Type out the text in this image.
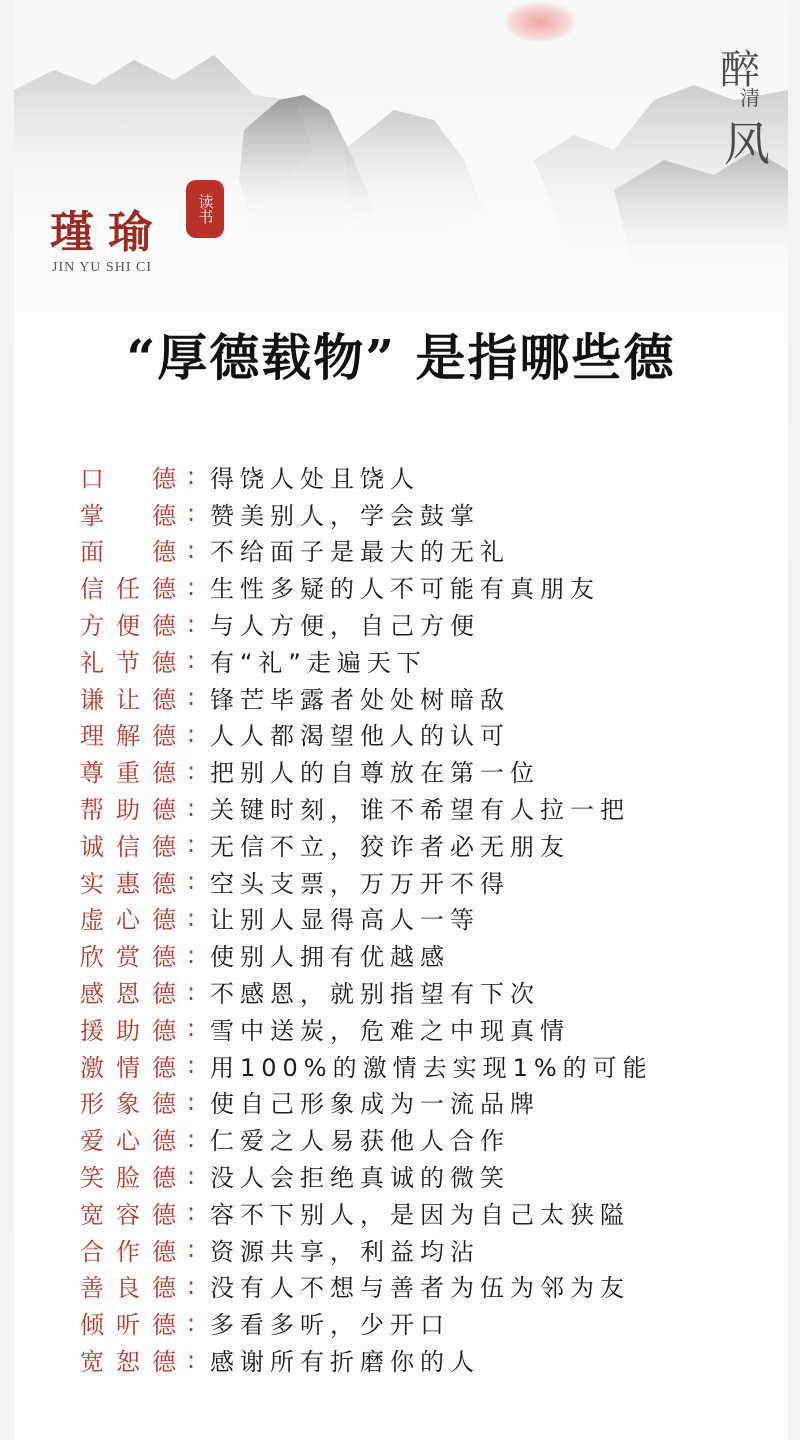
瑾瑜	读书
JIN YU SHI CI
醉
清
风
“厚德载物” 是指哪些德
口 德 : 得饶人处且饶人
掌 德 : 赞美别人，学会鼓掌
面 德 : 不给面子是最大的无礼
信 任 德 : 生性多疑的人不可能有真朋友
方 便 德 : 与人方便，自己方便
礼 节 德 : 有“礼”走遍天下
谦 让 德 : 锋芒毕露者处处树暗敌
理 解 德 : 人人都渴望他人的认可
尊 重 德 : 把别人的自尊放在第一位
帮 助 德 : 关键时刻，谁不希望有人拉一把
诚 信 德 : 无信不立，狡诈者必无朋友
实 惠 德 : 空头支票，万万开不得
虚 心 德 : 让别人显得高人一等
欣 赏 德 : 使别人拥有优越感
感 恩 德 : 不感恩，就别指望有下次
援 助 德 : 雪中送炭，危难之中现真情
激 情 德 : 用100%的激情去实现1%的可能
形 象 德 : 使自己形象成为一流品牌
爱 心 德 : 仁爱之人易获他人合作
笑 脸 德 : 没人会拒绝真诚的微笑
宽 容 德 : 容不下别人，是因为自己太狭隘
合 作 德 : 资源共享，利益均沾
善 良 德 : 没有人不想与善者为伍为邻为友
倾 听 德 : 多看多听，少开口
宽 恕 德 : 感谢所有折磨你的人
